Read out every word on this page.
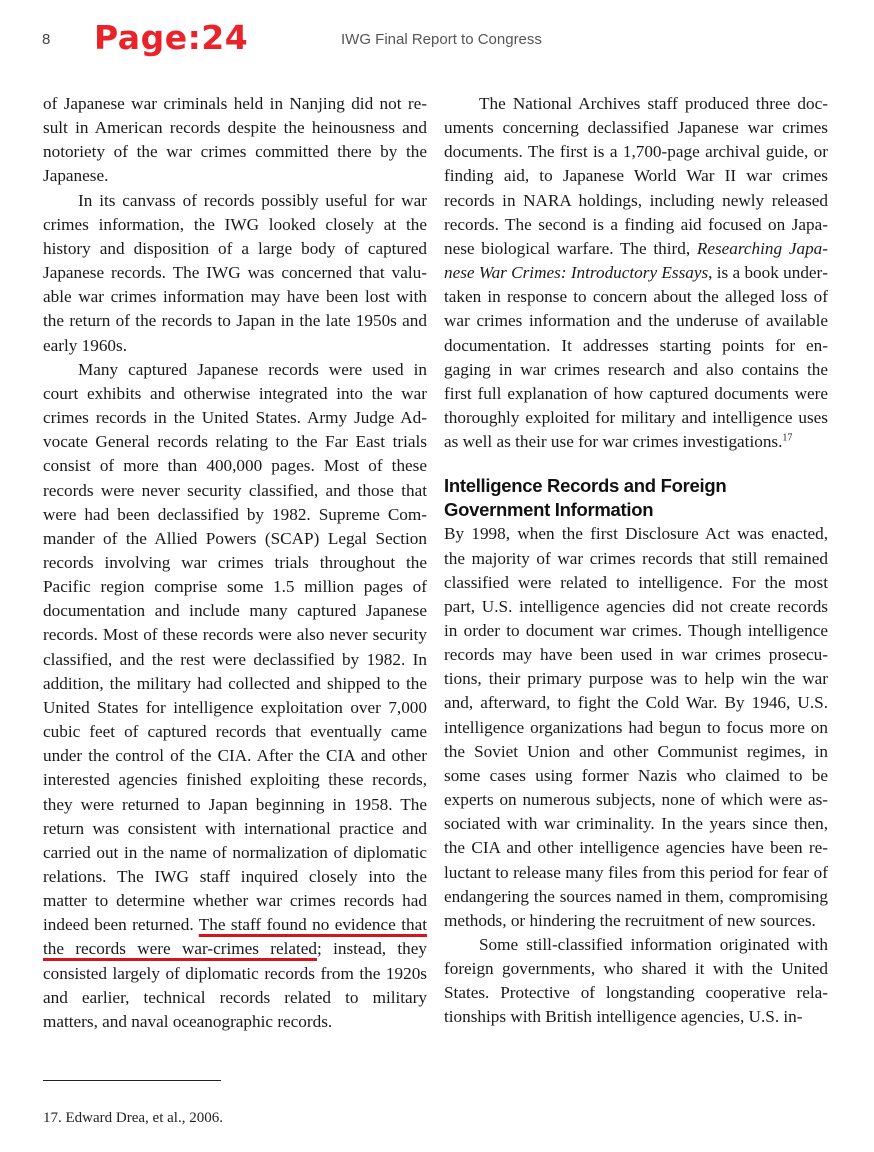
8 Page:24	IWG Final Report to Congress

of Japanese war criminals held in Nanjing did not result in American records despite the heinousness and notoriety of the war crimes committed there by the Japanese.

In its canvass of records possibly useful for war crimes information, the IWG looked closely at the history and disposition of a large body of captured Japanese records. The IWG was concerned that valuable war crimes information may have been lost with the return of the records to Japan in the late 1950s and early 1960s.

Many captured Japanese records were used in court exhibits and otherwise integrated into the war crimes records in the United States. Army Judge Advocate General records relating to the Far East trials consist of more than 400,000 pages. Most of these records were never security classified, and those that were had been declassified by 1982. Supreme Commander of the Allied Powers (SCAP) Legal Section records involving war crimes trials throughout the Pacific region comprise some 1.5 million pages of documentation and include many captured Japanese records. Most of these records were also never security classified, and the rest were declassified by 1982. In addition, the military had collected and shipped to the United States for intelligence exploitation over 7,000 cubic feet of captured records that eventually came under the control of the CIA. After the CIA and other interested agencies finished exploiting these records, they were returned to Japan beginning in 1958. The return was consistent with international practice and carried out in the name of normalization of diplomatic relations. The IWG staff inquired closely into the matter to determine whether war crimes records had indeed been returned. The staff found no evidence that the records were war-crimes related; instead, they consisted largely of diplomatic records from the 1920s and earlier, technical records related to military matters, and naval oceanographic records.

The National Archives staff produced three documents concerning declassified Japanese war crimes documents. The first is a 1,700-page archival guide, or finding aid, to Japanese World War II war crimes records in NARA holdings, including newly released records. The second is a finding aid focused on Japanese biological warfare. The third, Researching Japanese War Crimes: Introductory Essays, is a book undertaken in response to concern about the alleged loss of war crimes information and the underuse of available documentation. It addresses starting points for engaging in war crimes research and also contains the first full explanation of how captured documents were thoroughly exploited for military and intelligence uses as well as their use for war crimes investigations.$^{17}$

Intelligence Records and Foreign Government Information

By 1998, when the first Disclosure Act was enacted, the majority of war crimes records that still remained classified were related to intelligence. For the most part, U.S. intelligence agencies did not create records in order to document war crimes. Though intelligence records may have been used in war crimes prosecutions, their primary purpose was to help win the war and, afterward, to fight the Cold War. By 1946, U.S. intelligence organizations had begun to focus more on the Soviet Union and other Communist regimes, in some cases using former Nazis who claimed to be experts on numerous subjects, none of which were associated with war criminality. In the years since then, the CIA and other intelligence agencies have been reluctant to release many files from this period for fear of endangering the sources named in them, compromising methods, or hindering the recruitment of new sources.

Some still-classified information originated with foreign governments, who shared it with the United States. Protective of longstanding cooperative relationships with British intelligence agencies, U.S. in-

17. Edward Drea, et al., 2006.
